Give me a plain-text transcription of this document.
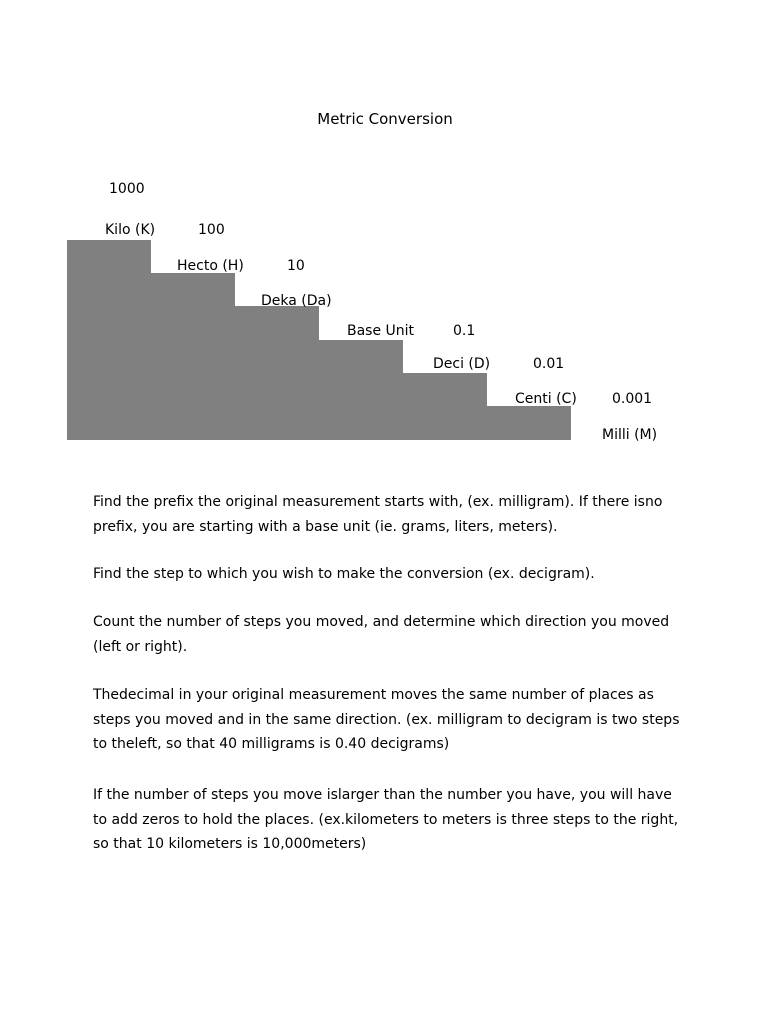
Metric Conversion
1000
Kilo (K)	100
Hecto (H)	10
Deka (Da)
Base Unit	0.1
Deci (D)	0.01
Centi (C)	0.001
Milli (M)

Find the prefix the original measurement starts with, (ex. milligram). If there isno prefix, you are starting with a base unit (ie. grams, liters, meters).

Find the step to which you wish to make the conversion (ex. decigram).

Count the number of steps you moved, and determine which direction you moved (left or right).

Thedecimal in your original measurement moves the same number of places as steps you moved and in the same direction. (ex. milligram to decigram is two steps to theleft, so that 40 milligrams is 0.40 decigrams)

If the number of steps you move islarger than the number you have, you will have to add zeros to hold the places. (ex.kilometers to meters is three steps to the right, so that 10 kilometers is 10,000meters)
